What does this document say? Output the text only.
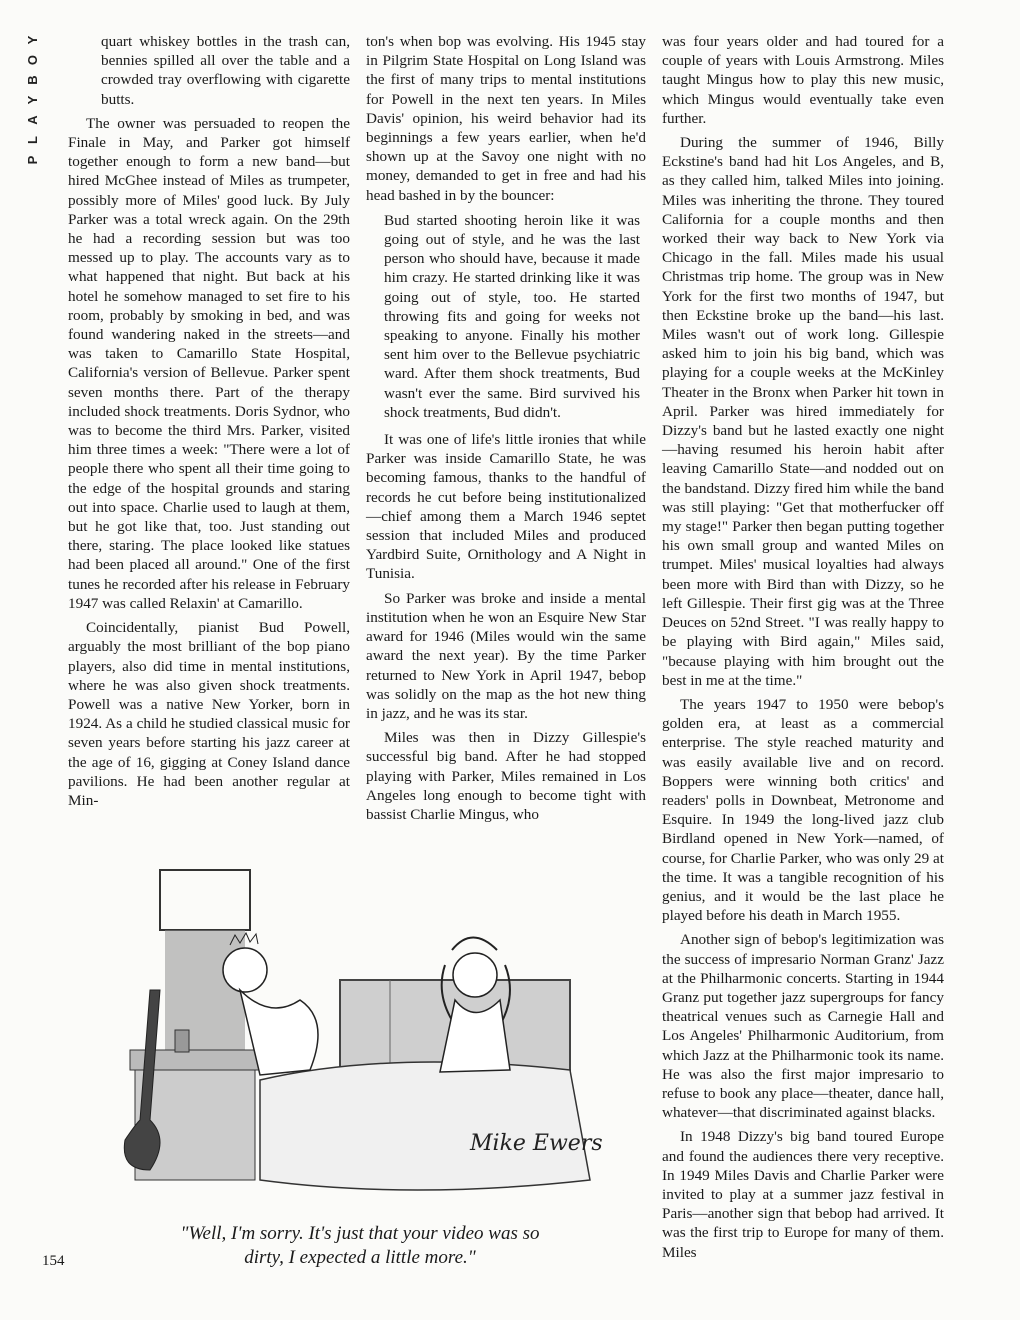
Y
O
B
Y
A
L
P

quart whiskey bottles in the trash can, bennies spilled all over the table and a crowded tray overflowing with cigarette butts.

The owner was persuaded to reopen the Finale in May, and Parker got himself together enough to form a new band—but hired McGhee instead of Miles as trumpeter, possibly more of Miles' good luck. By July Parker was a total wreck again. On the 29th he had a recording session but was too messed up to play. The accounts vary as to what happened that night. But back at his hotel he somehow managed to set fire to his room, probably by smoking in bed, and was found wandering naked in the streets—and was taken to Camarillo State Hospital, California's version of Bellevue. Parker spent seven months there. Part of the therapy included shock treatments. Doris Sydnor, who was to become the third Mrs. Parker, visited him three times a week: "There were a lot of people there who spent all their time going to the edge of the hospital grounds and staring out into space. Charlie used to laugh at them, but he got like that, too. Just standing out there, staring. The place looked like statues had been placed all around." One of the first tunes he recorded after his release in February 1947 was called Relaxin' at Camarillo.

Coincidentally, pianist Bud Powell, arguably the most brilliant of the bop piano players, also did time in mental institutions, where he was also given shock treatments. Powell was a native New Yorker, born in 1924. As a child he studied classical music for seven years before starting his jazz career at the age of 16, gigging at Coney Island dance pavilions. He had been another regular at Min-

ton's when bop was evolving. His 1945 stay in Pilgrim State Hospital on Long Island was the first of many trips to mental institutions for Powell in the next ten years. In Miles Davis' opinion, his weird behavior had its beginnings a few years earlier, when he'd shown up at the Savoy one night with no money, demanded to get in free and had his head bashed in by the bouncer:

Bud started shooting heroin like it was going out of style, and he was the last person who should have, because it made him crazy. He started drinking like it was going out of style, too. He started throwing fits and going for weeks not speaking to anyone. Finally his mother sent him over to the Bellevue psychiatric ward. After them shock treatments, Bud wasn't ever the same. Bird survived his shock treatments, Bud didn't.

It was one of life's little ironies that while Parker was inside Camarillo State, he was becoming famous, thanks to the handful of records he cut before being institutionalized—chief among them a March 1946 septet session that included Miles and produced Yardbird Suite, Ornithology and A Night in Tunisia.

So Parker was broke and inside a mental institution when he won an Esquire New Star award for 1946 (Miles would win the same award the next year). By the time Parker returned to New York in April 1947, bebop was solidly on the map as the hot new thing in jazz, and he was its star.

Miles was then in Dizzy Gillespie's successful big band. After he had stopped playing with Parker, Miles remained in Los Angeles long enough to become tight with bassist Charlie Mingus, who

was four years older and had toured for a couple of years with Louis Armstrong. Miles taught Mingus how to play this new music, which Mingus would eventually take even further.

During the summer of 1946, Billy Eckstine's band had hit Los Angeles, and B, as they called him, talked Miles into joining. Miles was inheriting the throne. They toured California for a couple months and then worked their way back to New York via Chicago in the fall. Miles made his usual Christmas trip home. The group was in New York for the first two months of 1947, but then Eckstine broke up the band—his last. Miles wasn't out of work long. Gillespie asked him to join his big band, which was playing for a couple weeks at the McKinley Theater in the Bronx when Parker hit town in April. Parker was hired immediately for Dizzy's band but he lasted exactly one night—having resumed his heroin habit after leaving Camarillo State—and nodded out on the bandstand. Dizzy fired him while the band was still playing: "Get that motherfucker off my stage!" Parker then began putting together his own small group and wanted Miles on trumpet. Miles' musical loyalties had always been more with Bird than with Dizzy, so he left Gillespie. Their first gig was at the Three Deuces on 52nd Street. "I was really happy to be playing with Bird again," Miles said, "because playing with him brought out the best in me at the time."

The years 1947 to 1950 were bebop's golden era, at least as a commercial enterprise. The style reached maturity and was easily available live and on record. Boppers were winning both critics' and readers' polls in Downbeat, Metronome and Esquire. In 1949 the long-lived jazz club Birdland opened in New York—named, of course, for Charlie Parker, who was only 29 at the time. It was a tangible recognition of his genius, and it would be the last place he played before his death in March 1955.

Another sign of bebop's legitimization was the success of impresario Norman Granz' Jazz at the Philharmonic concerts. Starting in 1944 Granz put together jazz supergroups for fancy theatrical venues such as Carnegie Hall and Los Angeles' Philharmonic Auditorium, from which Jazz at the Philharmonic took its name. He was also the first major impresario to refuse to book any place—theater, dance hall, whatever—that discriminated against blacks.

In 1948 Dizzy's big band toured Europe and found the audiences there very receptive. In 1949 Miles Davis and Charlie Parker were invited to play at a summer jazz festival in Paris—another sign that bebop had arrived. It was the first trip to Europe for many of them. Miles

Mike Ewers
"Well, I'm sorry. It's just that your video was so
dirty, I expected a little more."
154
